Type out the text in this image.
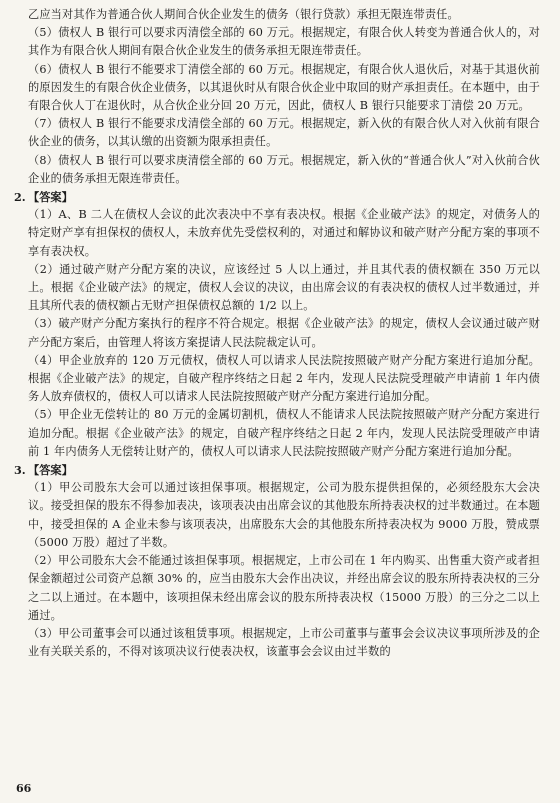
乙应当对其作为普通合伙人期间合伙企业发生的债务（银行贷款）承担无限连带责任。

（5）债权人 B 银行可以要求丙清偿全部的 60 万元。根据规定，有限合伙人转变为普通合伙人的，对其作为有限合伙人期间有限合伙企业发生的债务承担无限连带责任。

（6）债权人 B 银行不能要求丁清偿全部的 60 万元。根据规定，有限合伙人退伙后，对基于其退伙前的原因发生的有限合伙企业债务，以其退伙时从有限合伙企业中取回的财产承担责任。在本题中，由于有限合伙人丁在退伙时，从合伙企业分回 20 万元，因此，债权人 B 银行只能要求丁清偿 20 万元。

（7）债权人 B 银行不能要求戊清偿全部的 60 万元。根据规定，新入伙的有限合伙人对入伙前有限合伙企业的债务，以其认缴的出资额为限承担责任。

（8）债权人 B 银行可以要求庚清偿全部的 60 万元。根据规定，新入伙的“普通合伙人”对入伙前合伙企业的债务承担无限连带责任。

2. 【答案】

（1）A、B 二人在债权人会议的此次表决中不享有表决权。根据《企业破产法》的规定，对债务人的特定财产享有担保权的债权人，未放弃优先受偿权利的，对通过和解协议和破产财产分配方案的事项不享有表决权。

（2）通过破产财产分配方案的决议，应该经过 5 人以上通过，并且其代表的债权额在 350 万元以上。根据《企业破产法》的规定，债权人会议的决议，由出席会议的有表决权的债权人过半数通过，并且其所代表的债权额占无财产担保债权总额的 1/2 以上。

（3）破产财产分配方案执行的程序不符合规定。根据《企业破产法》的规定，债权人会议通过破产财产分配方案后，由管理人将该方案提请人民法院裁定认可。

（4）甲企业放弃的 120 万元债权，债权人可以请求人民法院按照破产财产分配方案进行追加分配。根据《企业破产法》的规定，自破产程序终结之日起 2 年内，发现人民法院受理破产申请前 1 年内债务人放弃债权的，债权人可以请求人民法院按照破产财产分配方案进行追加分配。

（5）甲企业无偿转让的 80 万元的金属切割机，债权人不能请求人民法院按照破产财产分配方案进行追加分配。根据《企业破产法》的规定，自破产程序终结之日起 2 年内，发现人民法院受理破产申请前 1 年内债务人无偿转让财产的，债权人可以请求人民法院按照破产财产分配方案进行追加分配。

3. 【答案】

（1）甲公司股东大会可以通过该担保事项。根据规定，公司为股东提供担保的，必须经股东大会决议。接受担保的股东不得参加表决，该项表决由出席会议的其他股东所持表决权的过半数通过。在本题中，接受担保的 A 企业未参与该项表决，出席股东大会的其他股东所持表决权为 9000 万股，赞成票（5000 万股）超过了半数。

（2）甲公司股东大会不能通过该担保事项。根据规定，上市公司在 1 年内购买、出售重大资产或者担保金额超过公司资产总额 30% 的，应当由股东大会作出决议，并经出席会议的股东所持表决权的三分之二以上通过。在本题中，该项担保未经出席会议的股东所持表决权（15000 万股）的三分之二以上通过。

（3）甲公司董事会可以通过该租赁事项。根据规定，上市公司董事与董事会会议决议事项所涉及的企业有关联关系的，不得对该项决议行使表决权，该董事会会议由过半数的

66
